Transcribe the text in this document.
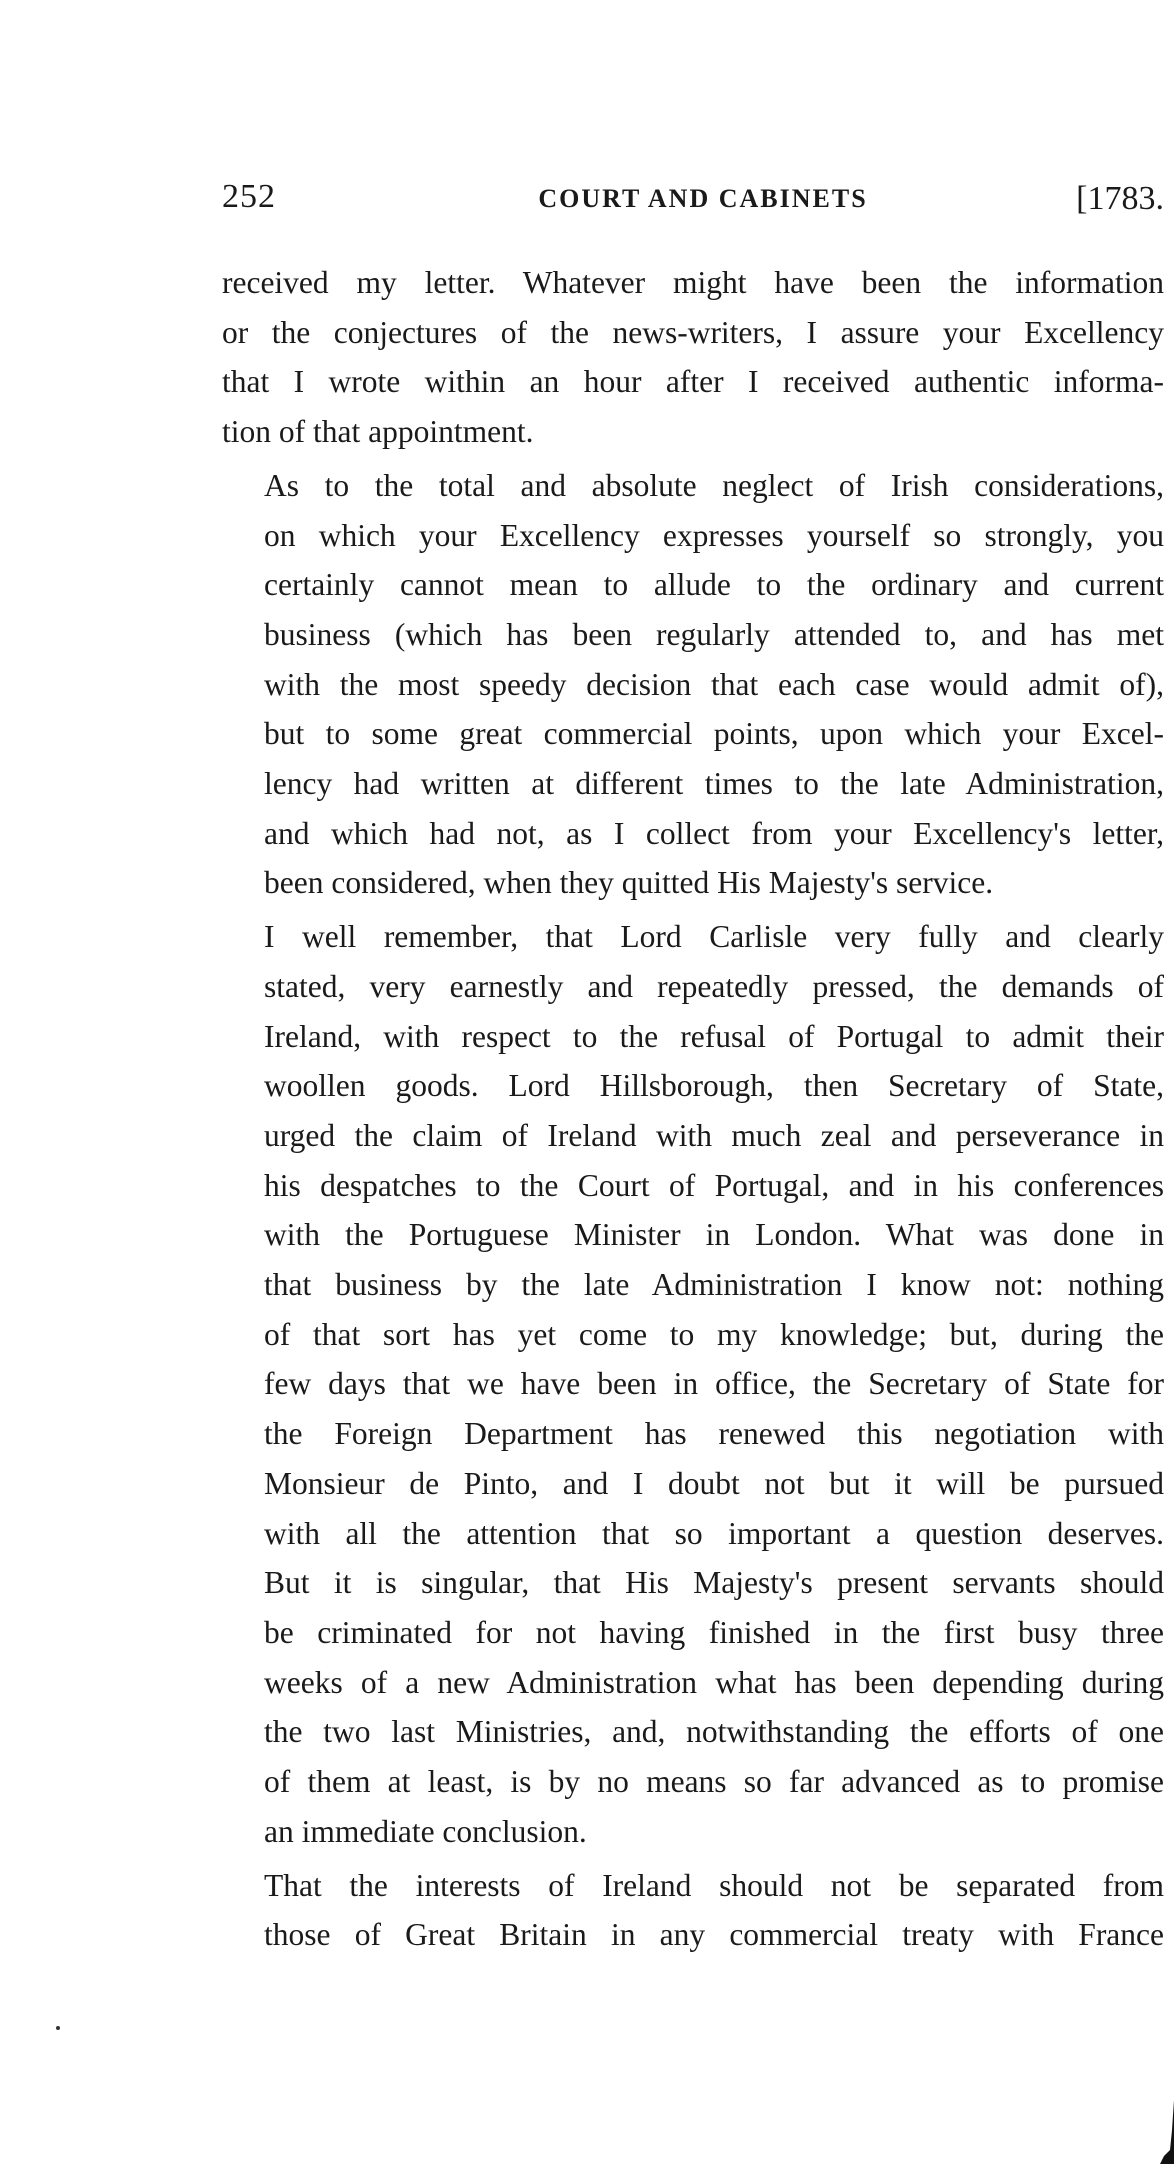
252	COURT AND CABINETS	[1783.

received my letter. Whatever might have been the information
or the conjectures of the news-writers, I assure your Excellency
that I wrote within an hour after I received authentic informa-
tion of that appointment.

As to the total and absolute neglect of Irish considerations,
on which your Excellency expresses yourself so strongly, you
certainly cannot mean to allude to the ordinary and current
business (which has been regularly attended to, and has met
with the most speedy decision that each case would admit of),
but to some great commercial points, upon which your Excel-
lency had written at different times to the late Administration,
and which had not, as I collect from your Excellency's letter,
been considered, when they quitted His Majesty's service.

I well remember, that Lord Carlisle very fully and clearly
stated, very earnestly and repeatedly pressed, the demands of
Ireland, with respect to the refusal of Portugal to admit their
woollen goods. Lord Hillsborough, then Secretary of State,
urged the claim of Ireland with much zeal and perseverance in
his despatches to the Court of Portugal, and in his conferences
with the Portuguese Minister in London. What was done in
that business by the late Administration I know not: nothing
of that sort has yet come to my knowledge; but, during the
few days that we have been in office, the Secretary of State for
the Foreign Department has renewed this negotiation with
Monsieur de Pinto, and I doubt not but it will be pursued
with all the attention that so important a question deserves.
But it is singular, that His Majesty's present servants should
be criminated for not having finished in the first busy three
weeks of a new Administration what has been depending during
the two last Ministries, and, notwithstanding the efforts of one
of them at least, is by no means so far advanced as to promise
an immediate conclusion.

That the interests of Ireland should not be separated from
those of Great Britain in any commercial treaty with France
